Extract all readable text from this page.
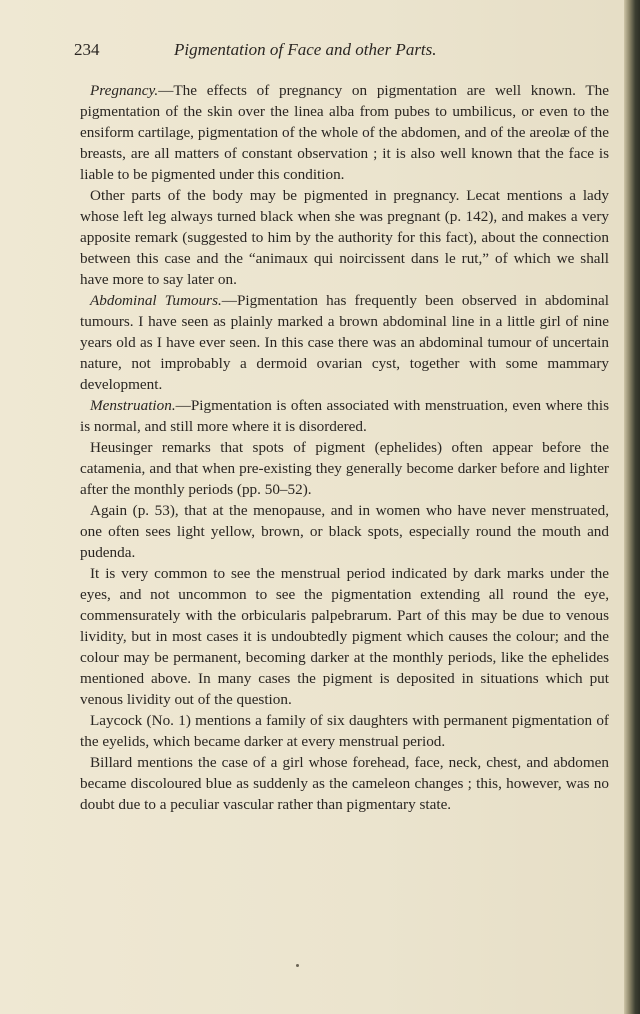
234	Pigmentation of Face and other Parts.

Pregnancy.—The effects of pregnancy on pigmentation are well known. The pigmentation of the skin over the linea alba from pubes to umbilicus, or even to the ensiform cartilage, pigmentation of the whole of the abdomen, and of the areolæ of the breasts, are all matters of constant observation ; it is also well known that the face is liable to be pigmented under this condition.

Other parts of the body may be pigmented in pregnancy. Lecat mentions a lady whose left leg always turned black when she was pregnant (p. 142), and makes a very apposite remark (suggested to him by the authority for this fact), about the connection between this case and the “animaux qui noircissent dans le rut,” of which we shall have more to say later on.

Abdominal Tumours.—Pigmentation has frequently been observed in abdominal tumours. I have seen as plainly marked a brown abdominal line in a little girl of nine years old as I have ever seen. In this case there was an abdominal tumour of uncertain nature, not improbably a dermoid ovarian cyst, together with some mammary development.

Menstruation.—Pigmentation is often associated with menstruation, even where this is normal, and still more where it is disordered.

Heusinger remarks that spots of pigment (ephelides) often appear before the catamenia, and that when pre-existing they generally become darker before and lighter after the monthly periods (pp. 50–52).

Again (p. 53), that at the menopause, and in women who have never menstruated, one often sees light yellow, brown, or black spots, especially round the mouth and pudenda.

It is very common to see the menstrual period indicated by dark marks under the eyes, and not uncommon to see the pigmentation extending all round the eye, commensurately with the orbicularis palpebrarum. Part of this may be due to venous lividity, but in most cases it is undoubtedly pigment which causes the colour; and the colour may be permanent, becoming darker at the monthly periods, like the ephelides mentioned above. In many cases the pigment is deposited in situations which put venous lividity out of the question.

Laycock (No. 1) mentions a family of six daughters with permanent pigmentation of the eyelids, which became darker at every menstrual period.

Billard mentions the case of a girl whose forehead, face, neck, chest, and abdomen became discoloured blue as suddenly as the cameleon changes ; this, however, was no doubt due to a peculiar vascular rather than pigmentary state.
